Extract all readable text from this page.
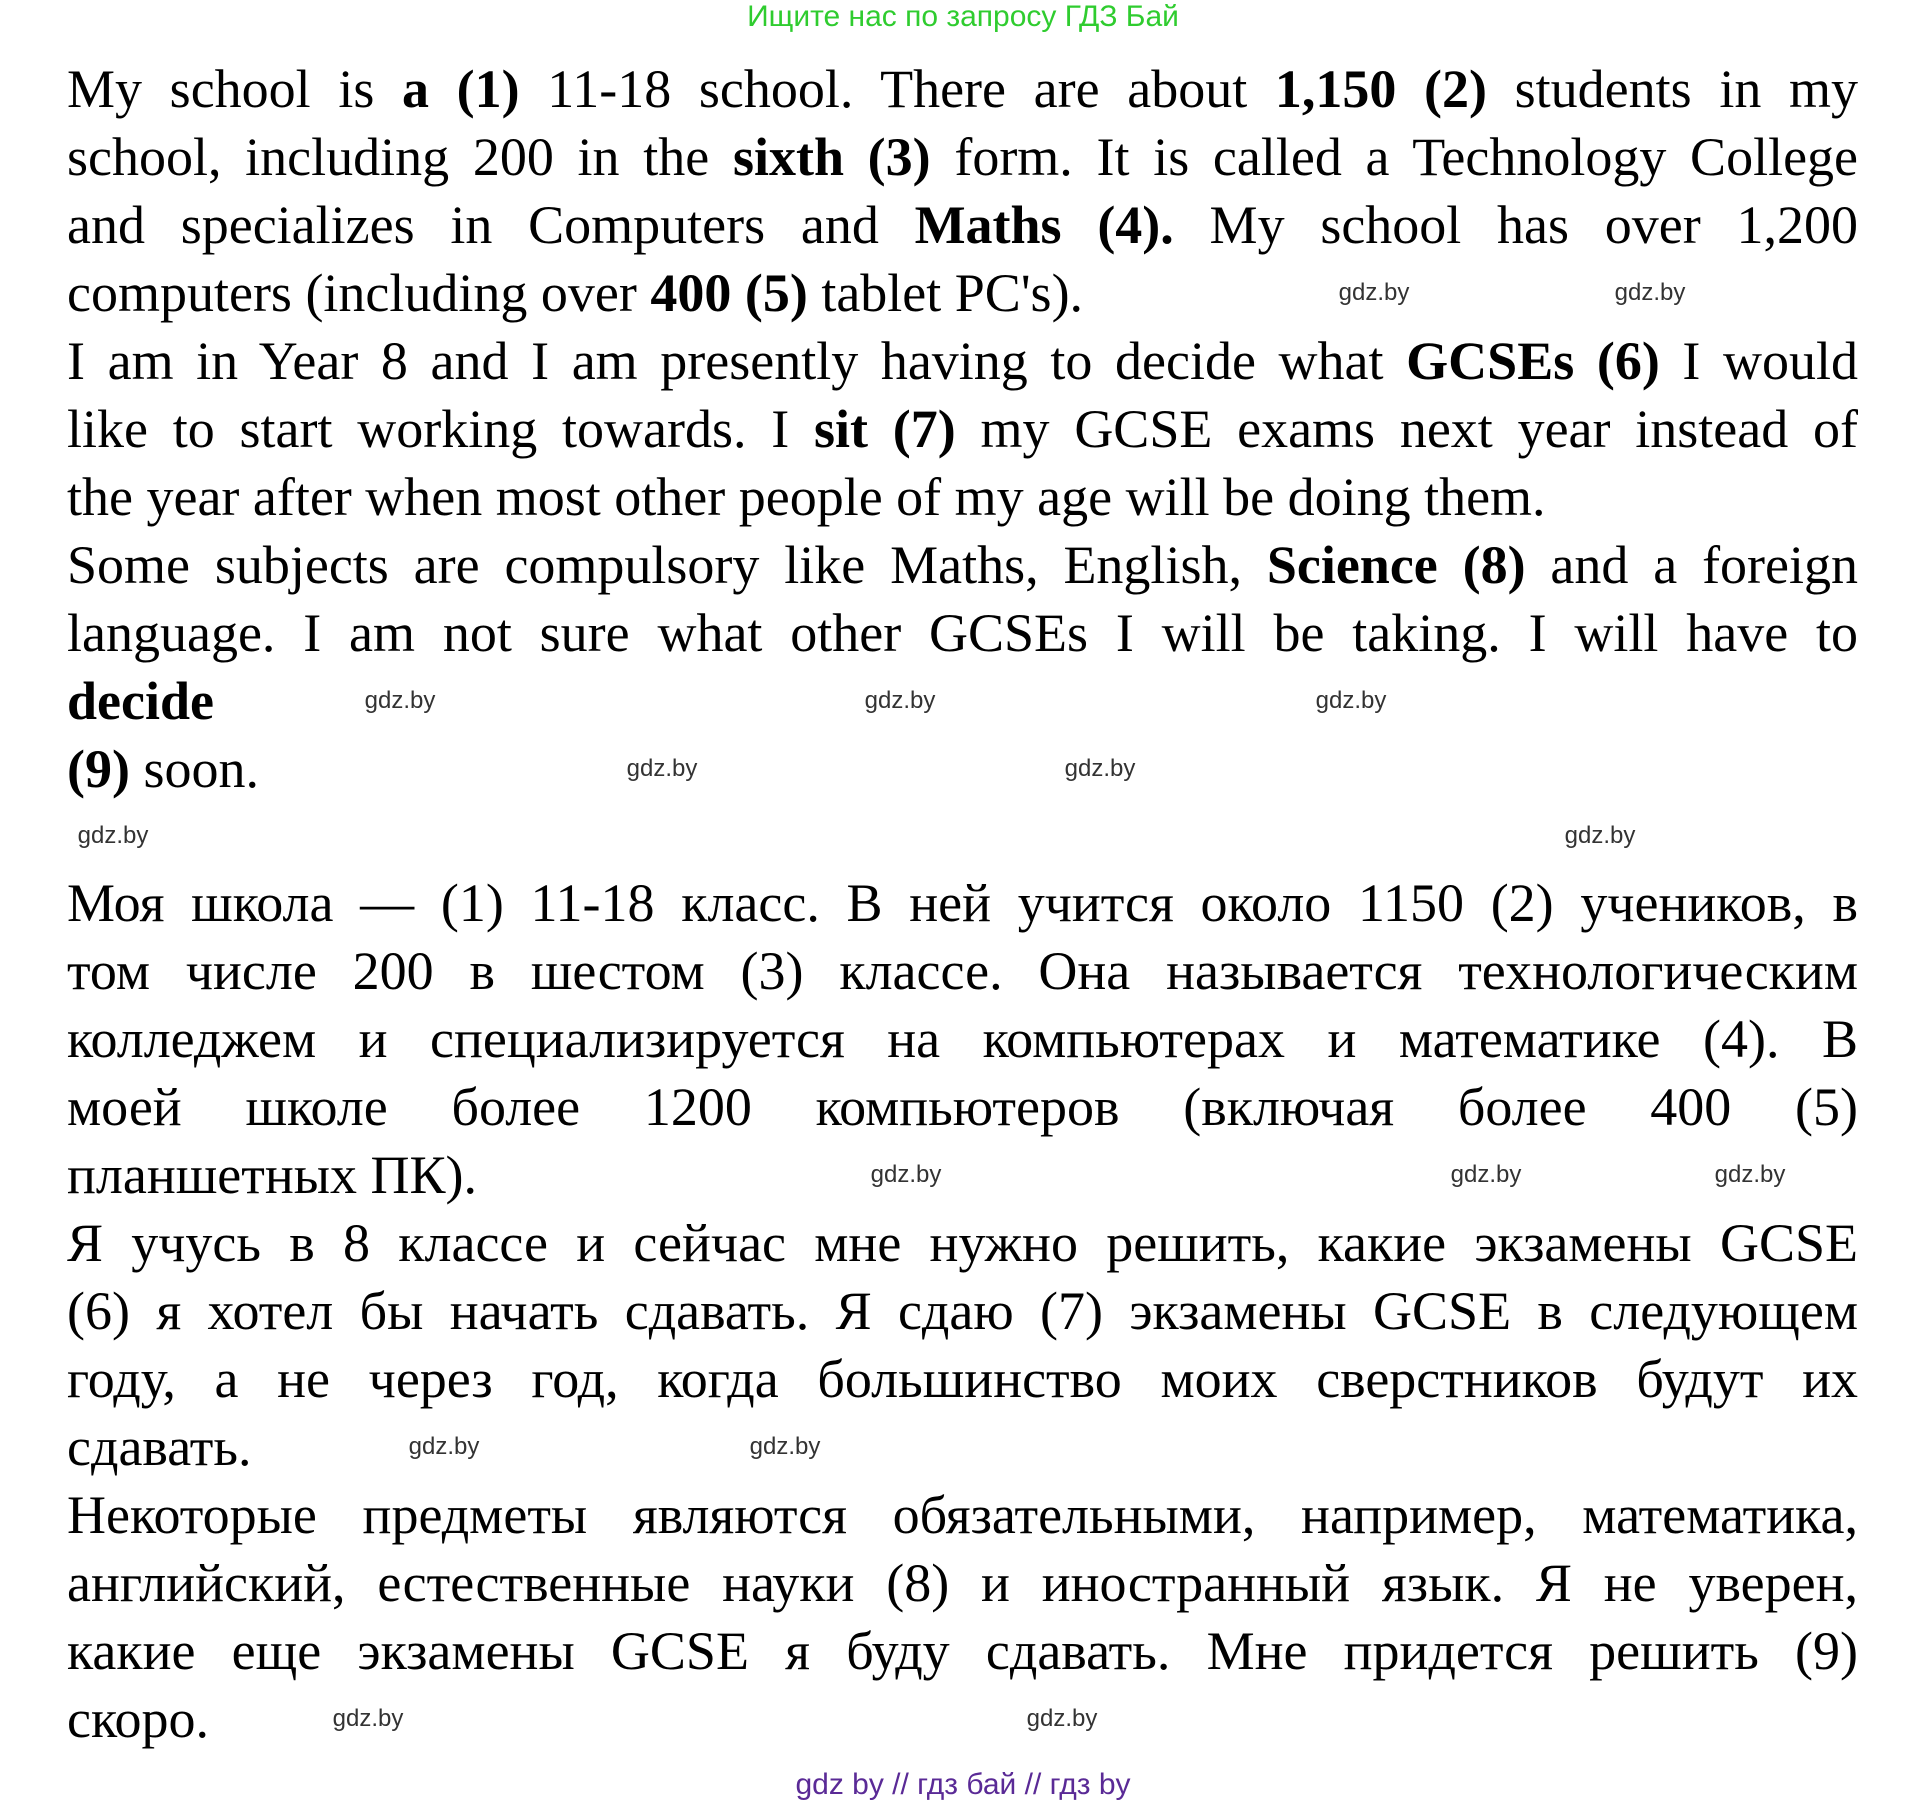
Ищите нас по запросу ГДЗ Бай
My school is a (1) 11-18 school. There are about 1,150 (2) students in my
school, including 200 in the sixth (3) form. It is called a Technology College
and specializes in Computers and Maths (4). My school has over 1,200
computers (including over 400 (5) tablet PC's).
I am in Year 8 and I am presently having to decide what GCSEs (6) I would
like to start working towards. I sit (7) my GCSE exams next year instead of
the year after when most other people of my age will be doing them.
Some subjects are compulsory like Maths, English, Science (8) and a foreign
language. I am not sure what other GCSEs I will be taking. I will have to
decide
(9) soon.
Моя школа — (1) 11-18 класс. В ней учится около 1150 (2) учеников, в
том числе 200 в шестом (3) классе. Она называется технологическим
колледжем и специализируется на компьютерах и математике (4). В
моей школе более 1200 компьютеров (включая более 400 (5)
планшетных ПК).
Я учусь в 8 классе и сейчас мне нужно решить, какие экзамены GCSE
(6) я хотел бы начать сдавать. Я сдаю (7) экзамены GCSE в следующем
году, а не через год, когда большинство моих сверстников будут их
сдавать.
Некоторые предметы являются обязательными, например, математика,
английский, естественные науки (8) и иностранный язык. Я не уверен,
какие еще экзамены GCSE я буду сдавать. Мне придется решить (9)
скоро.
gdz.by	gdz.by	gdz.by
gdz.by	gdz.by
gdz.by	gdz.by
gdz.by	gdz.by
gdz.by	gdz.by	gdz.by
gdz.by	gdz.by
gdz.by	gdz.by
gdz by // гдз бай // гдз by
